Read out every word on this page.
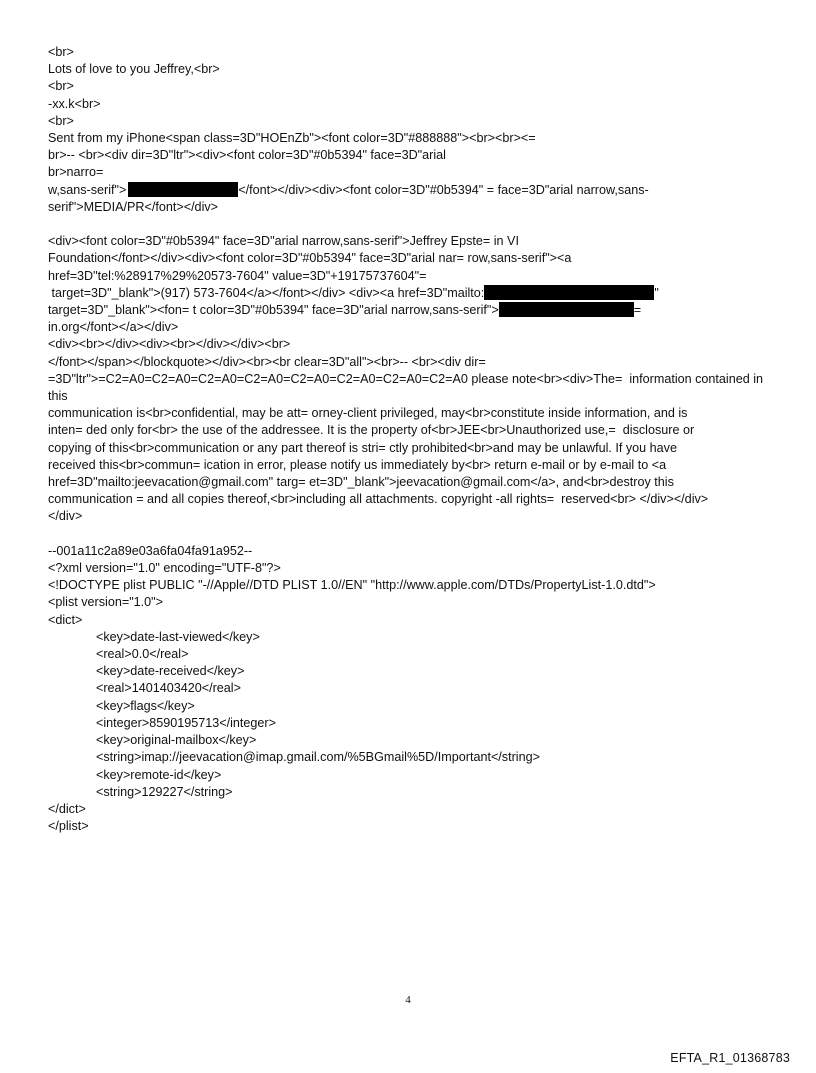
<br>
Lots of love to you Jeffrey,<br>
<br>
-xx.k<br>
<br>
Sent from my iPhone<span class=3D"HOEnZb"><font color=3D"#888888"><br><br><=
br>-- <br><div dir=3D"ltr"><div><font color=3D"#0b5394" face=3D"arial
br>narro=
w,sans-serif">	</font></div><div><font color=3D"#0b5394" = face=3D"arial narrow,sans-
serif">MEDIA/PR</font></div>
<div><font color=3D"#0b5394" face=3D"arial narrow,sans-serif">Jeffrey Epste= in VI
Foundation</font></div><div><font color=3D"#0b5394" face=3D"arial nar= row,sans-serif"><a
href=3D"tel:%28917%29%20573-7604" value=3D"+19175737604"=
target=3D"_blank">(917) 573-7604</a></font></div> <div><a href=3D"mailto:	"
target=3D"_blank"><fon= t color=3D"#0b5394" face=3D"arial narrow,sans-serif">	=
in.org</font></a></div>
<div><br></div><div><br></div></div><br>
</font></span></blockquote></div><br><br clear=3D"all"><br>-- <br><div dir=
=3D"ltr">=C2=A0=C2=A0=C2=A0=C2=A0=C2=A0=C2=A0=C2=A0=C2=A0 please note<br><div>The=  information contained in this
communication is<br>confidential, may be att= orney-client privileged, may<br>constitute inside information, and is
inten= ded only for<br> the use of the addressee. It is the property of<br>JEE<br>Unauthorized use,=  disclosure or
copying of this<br>communication or any part thereof is stri= ctly prohibited<br>and may be unlawful. If you have
received this<br>commun= ication in error, please notify us immediately by<br> return e-mail or by e-mail to <a
href=3D"mailto:jeevacation@gmail.com" targ= et=3D"_blank">jeevacation@gmail.com</a>, and<br>destroy this
communication = and all copies thereof,<br>including all attachments. copyright -all rights=  reserved<br> </div></div>
</div>
--001a11c2a89e03a6fa04fa91a952--
<?xml version="1.0" encoding="UTF-8"?>
<!DOCTYPE plist PUBLIC "-//Apple//DTD PLIST 1.0//EN" "http://www.apple.com/DTDs/PropertyList-1.0.dtd">
<plist version="1.0">
<dict>
<key>date-last-viewed</key>
<real>0.0</real>
<key>date-received</key>
<real>1401403420</real>
<key>flags</key>
<integer>8590195713</integer>
<key>original-mailbox</key>
<string>imap://jeevacation@imap.gmail.com/%5BGmail%5D/Important</string>
<key>remote-id</key>
<string>129227</string>
</dict>
</plist>
4
EFTA_R1_01368783
